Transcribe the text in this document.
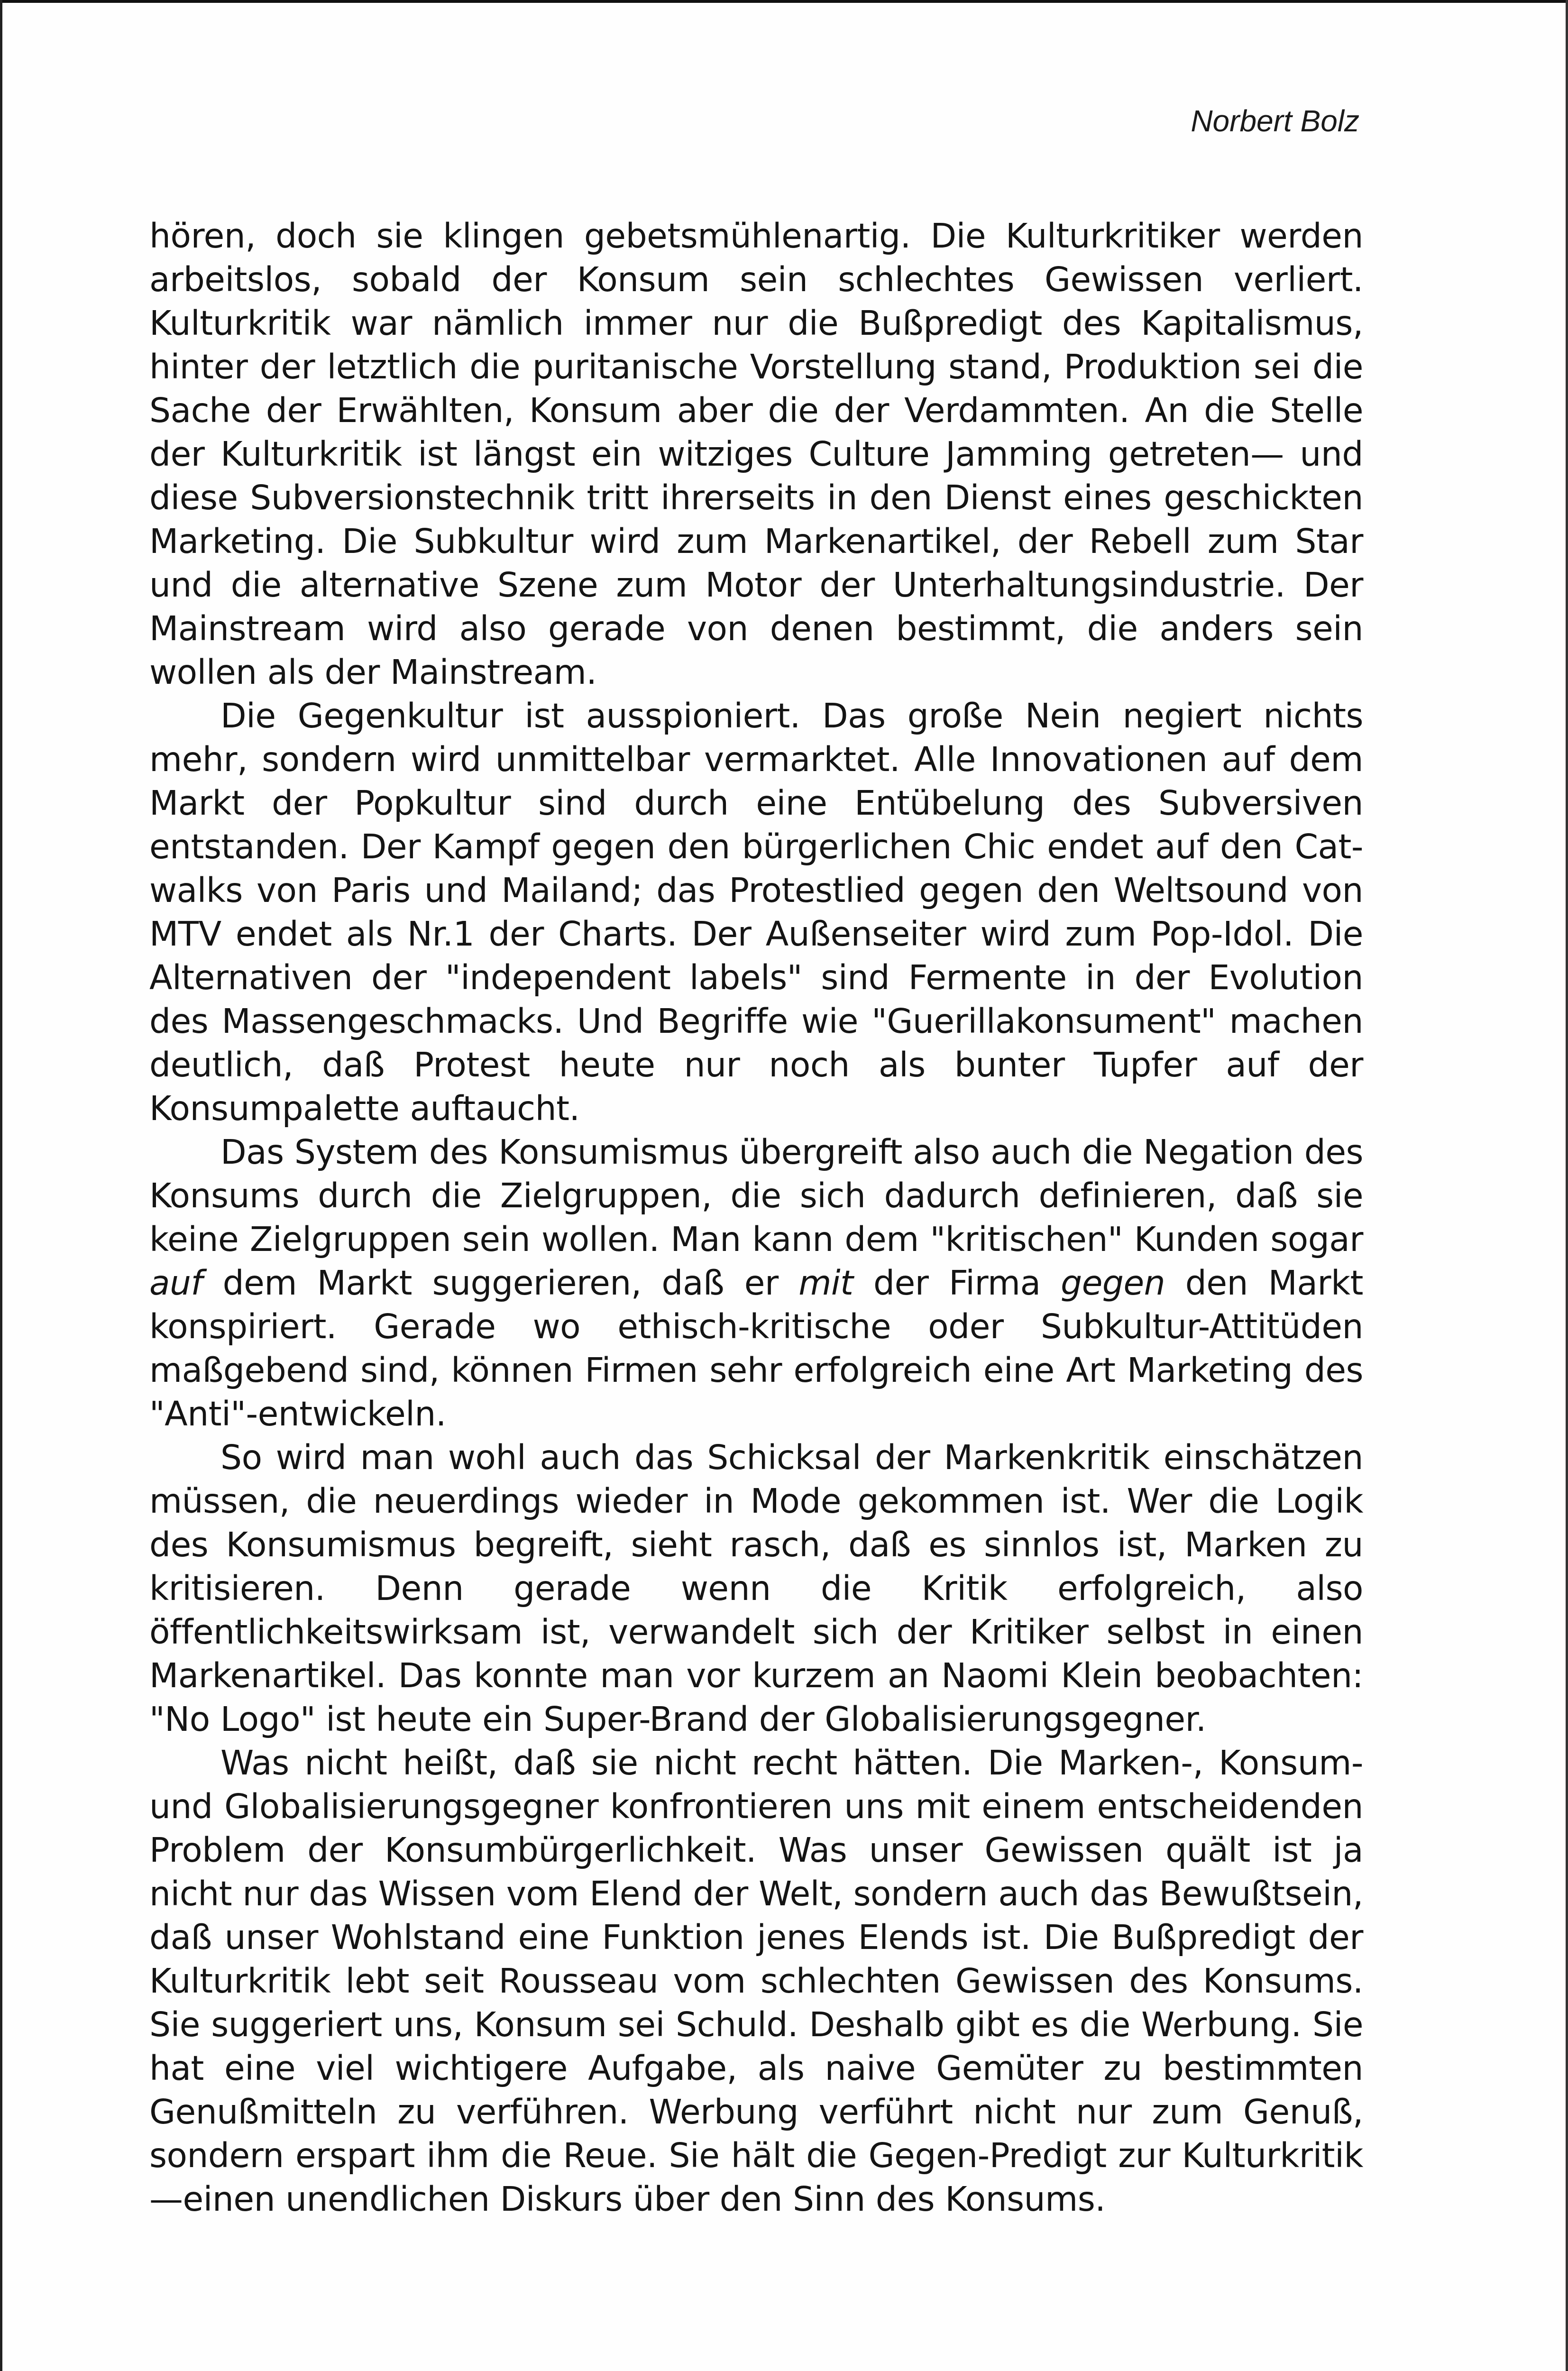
Norbert Bolz

hören, doch sie klingen gebetsmühlenartig. Die Kulturkritiker werden arbeitslos, sobald der Konsum sein schlechtes Gewissen verliert. Kulturkritik war nämlich immer nur die Bußpredigt des Kapitalismus, hinter der letztlich die puritanische Vorstellung stand, Produktion sei die Sache der Erwählten, Konsum aber die der Verdammten. An die Stelle der Kulturkritik ist längst ein witziges Culture Jamming getreten— und diese Subversionstechnik tritt ihrerseits in den Dienst eines geschickten Marketing. Die Subkultur wird zum Markenartikel, der Rebell zum Star und die alternative Szene zum Motor der Unterhaltungsindustrie. Der Mainstream wird also gerade von denen bestimmt, die anders sein wollen als der Mainstream.

Die Gegenkultur ist ausspioniert. Das große Nein negiert nichts mehr, sondern wird unmittelbar vermarktet. Alle Innovationen auf dem Markt der Popkultur sind durch eine Entübelung des Subversiven entstanden. Der Kampf gegen den bürgerlichen Chic endet auf den Cat-walks von Paris und Mailand; das Protestlied gegen den Weltsound von MTV endet als Nr.1 der Charts. Der Außenseiter wird zum Pop-Idol. Die Alternativen der "independent labels" sind Fermente in der Evolution des Massengeschmacks. Und Begriffe wie "Guerillakonsument" machen deutlich, daß Protest heute nur noch als bunter Tupfer auf der Konsumpalette auftaucht.

Das System des Konsumismus übergreift also auch die Negation des Konsums durch die Zielgruppen, die sich dadurch definieren, daß sie keine Zielgruppen sein wollen. Man kann dem "kritischen" Kunden sogar auf dem Markt suggerieren, daß er mit der Firma gegen den Markt konspiriert. Gerade wo ethisch-kritische oder Subkultur-Attitüden maßgebend sind, können Firmen sehr erfolgreich eine Art Marketing des "Anti"-entwickeln.

So wird man wohl auch das Schicksal der Markenkritik einschätzen müssen, die neuerdings wieder in Mode gekommen ist. Wer die Logik des Konsumismus begreift, sieht rasch, daß es sinnlos ist, Marken zu kritisieren. Denn gerade wenn die Kritik erfolgreich, also öffentlichkeitswirksam ist, verwandelt sich der Kritiker selbst in einen Markenartikel. Das konnte man vor kurzem an Naomi Klein beobachten: "No Logo" ist heute ein Super-Brand der Globalisierungsgegner.

Was nicht heißt, daß sie nicht recht hätten. Die Marken-, Konsum- und Globalisierungsgegner konfrontieren uns mit einem entscheidenden Problem der Konsumbürgerlichkeit. Was unser Gewissen quält ist ja nicht nur das Wissen vom Elend der Welt, sondern auch das Bewußtsein, daß unser Wohlstand eine Funktion jenes Elends ist. Die Bußpredigt der Kulturkritik lebt seit Rousseau vom schlechten Gewissen des Konsums. Sie suggeriert uns, Konsum sei Schuld. Deshalb gibt es die Werbung. Sie hat eine viel wichtigere Aufgabe, als naive Gemüter zu bestimmten Genußmitteln zu verführen. Werbung verführt nicht nur zum Genuß, sondern erspart ihm die Reue. Sie hält die Gegen-Predigt zur Kulturkritik—einen unendlichen Diskurs über den Sinn des Konsums.
